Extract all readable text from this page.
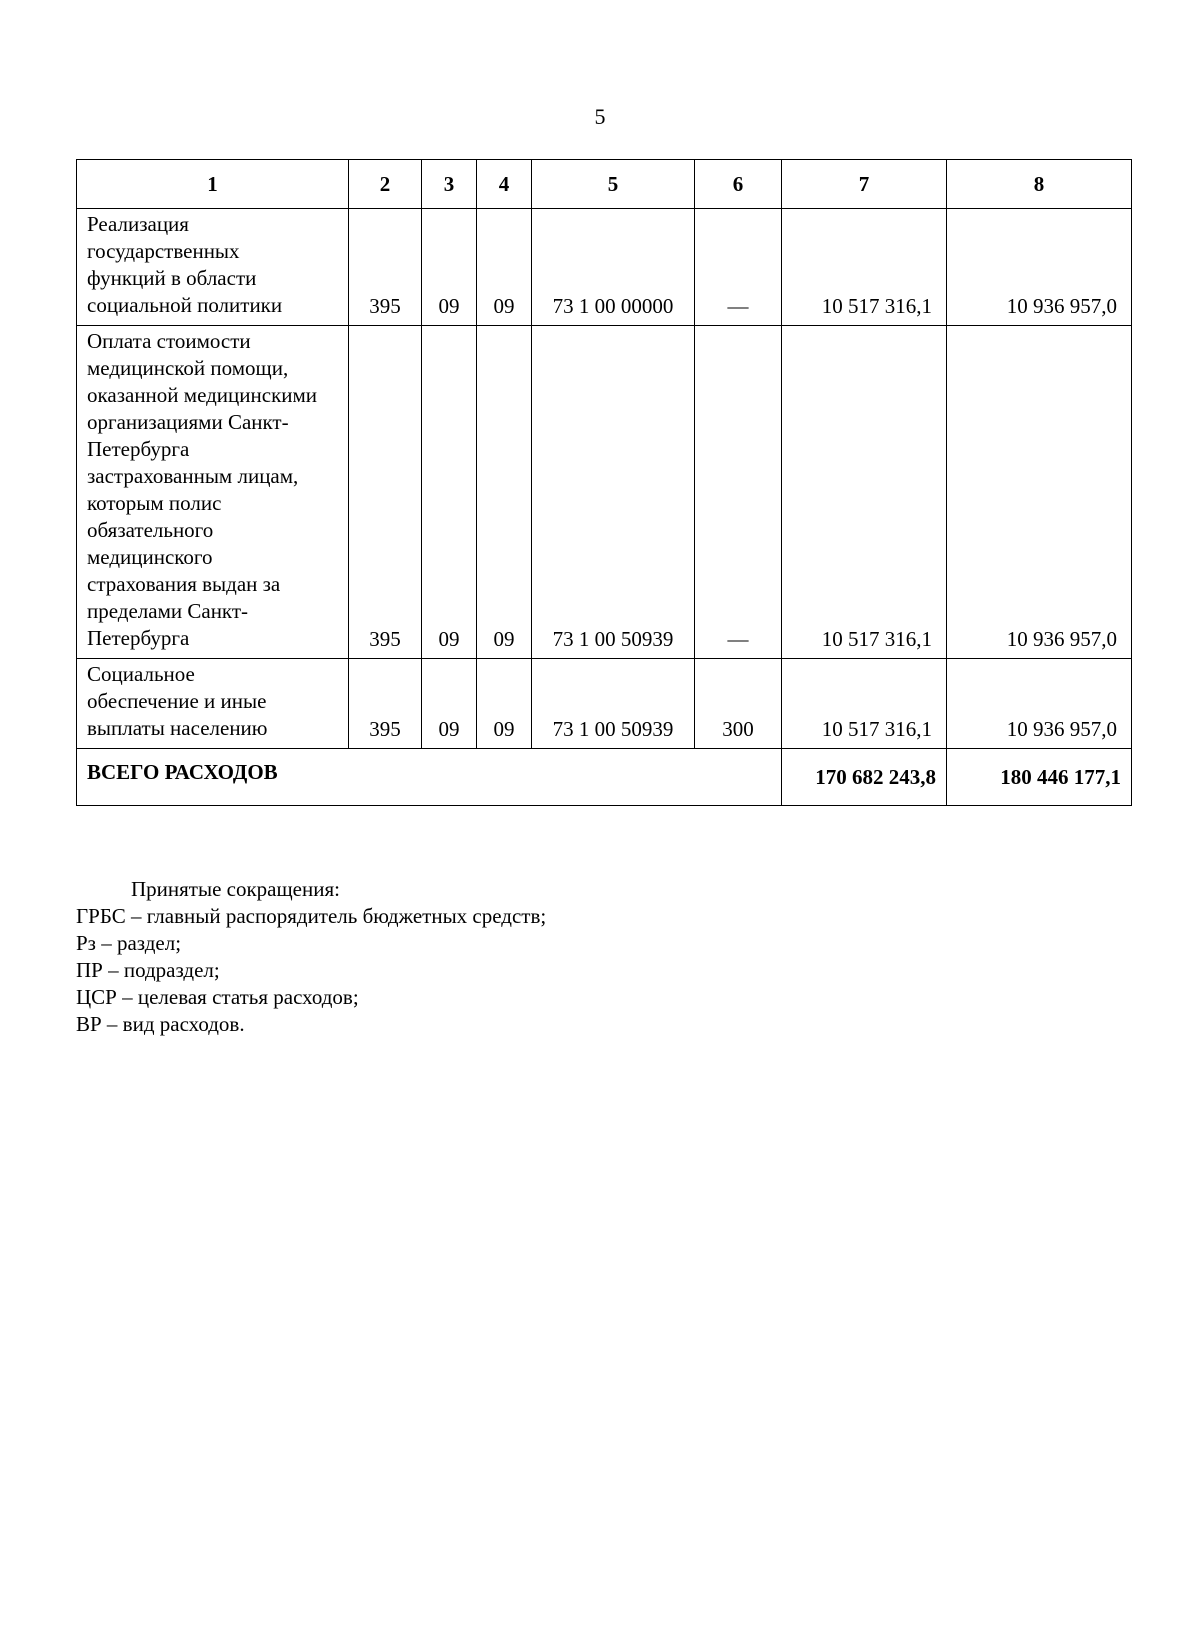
5
1	2	3	4	5	6	7	8

Реализация государственных функций в области социальной политики	395	09	09	73 1 00 00000	—	10 517 316,1	10 936 957,0

Оплата стоимости медицинской помощи, оказанной медицинскими организациями Санкт-Петербурга застрахованным лицам, которым полис обязательного медицинского страхования выдан за пределами Санкт-Петербурга	395	09	09	73 1 00 50939	—	10 517 316,1	10 936 957,0

Социальное обеспечение и иные выплаты населению	395	09	09	73 1 00 50939	300	10 517 316,1	10 936 957,0
ВСЕГО РАСХОДОВ						170 682 243,8	180 446 177,1
Принятые сокращения:
ГРБС – главный распорядитель бюджетных средств;
Рз – раздел;
ПР – подраздел;
ЦСР – целевая статья расходов;
ВР – вид расходов.
